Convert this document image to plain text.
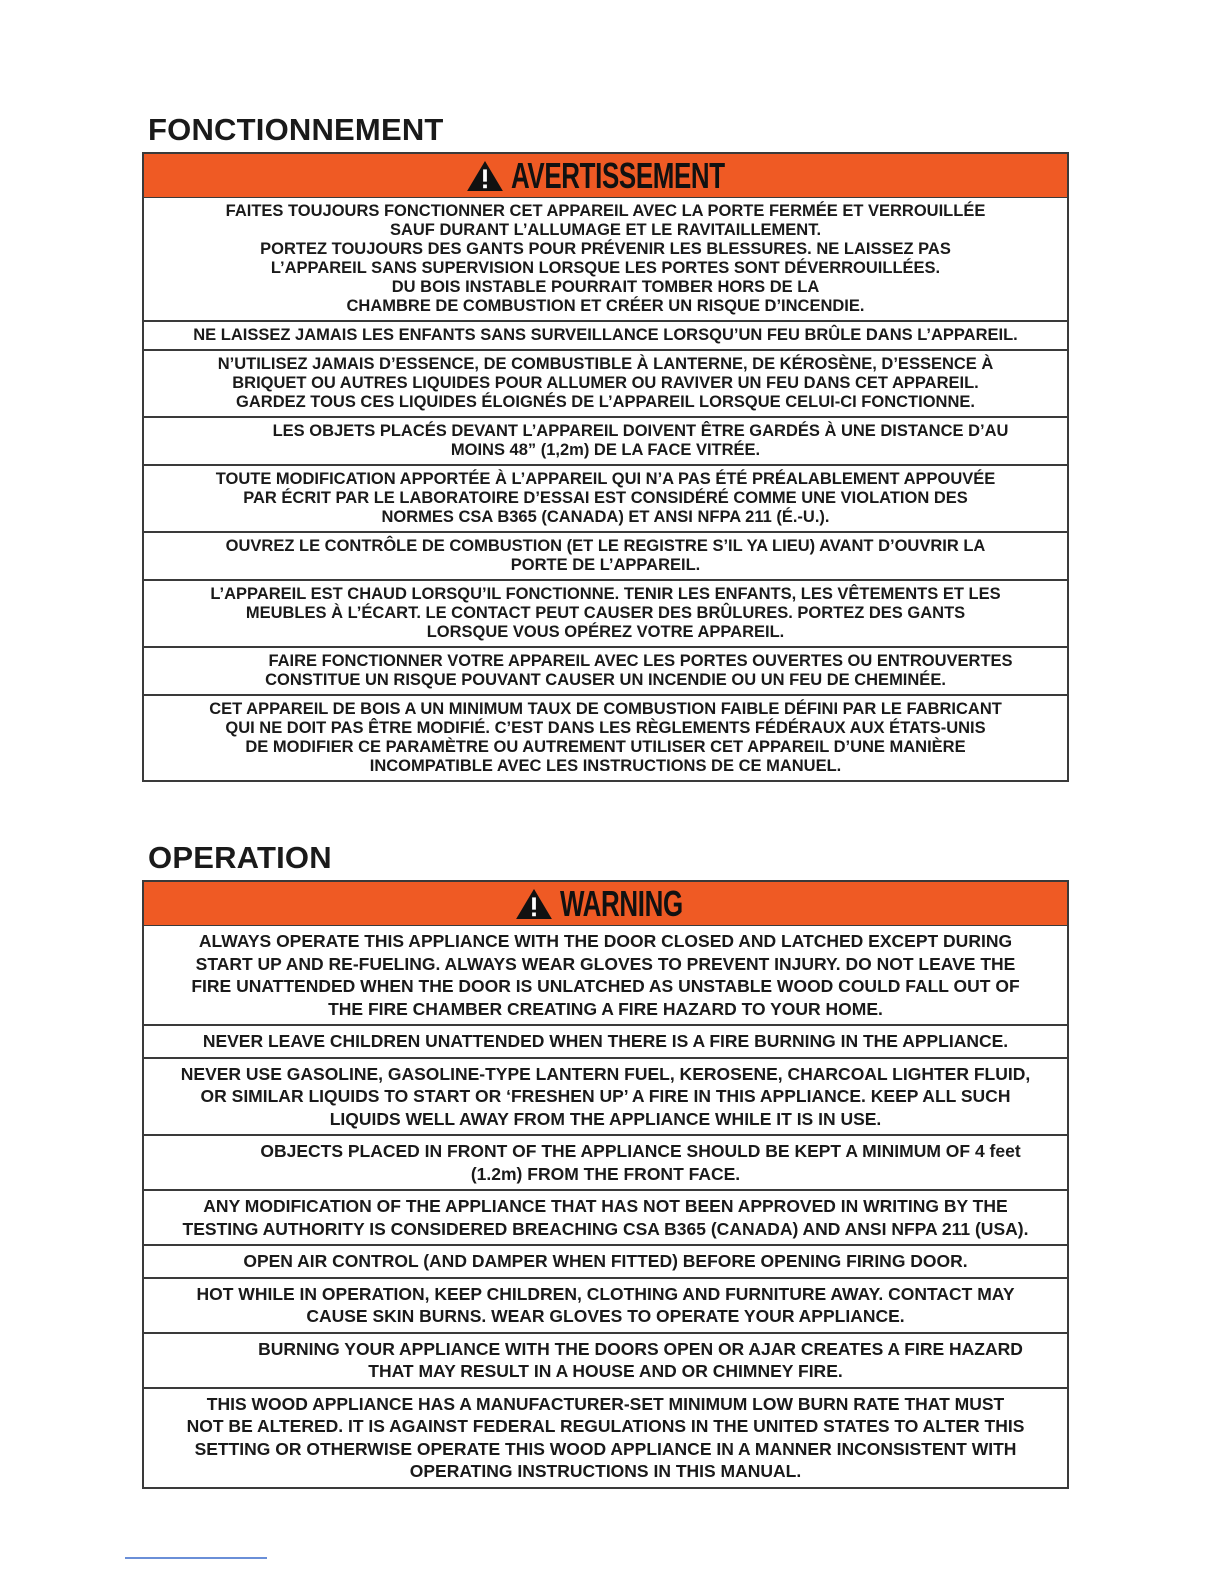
FONCTIONNEMENT
AVERTISSEMENT
FAITES TOUJOURS FONCTIONNER CET APPAREIL AVEC LA PORTE FERMÉE ET VERROUILLÉE
SAUF DURANT L’ALLUMAGE ET LE RAVITAILLEMENT.
PORTEZ TOUJOURS DES GANTS POUR PRÉVENIR LES BLESSURES. NE LAISSEZ PAS
L’APPAREIL SANS SUPERVISION LORSQUE LES PORTES SONT DÉVERROUILLÉES.
DU BOIS INSTABLE POURRAIT TOMBER HORS DE LA
CHAMBRE DE COMBUSTION ET CRÉER UN RISQUE D’INCENDIE.
NE LAISSEZ JAMAIS LES ENFANTS SANS SURVEILLANCE LORSQU’UN FEU BRÛLE DANS L’APPAREIL.
N’UTILISEZ JAMAIS D’ESSENCE, DE COMBUSTIBLE À LANTERNE, DE KÉROSÈNE, D’ESSENCE À
BRIQUET OU AUTRES LIQUIDES POUR ALLUMER OU RAVIVER UN FEU DANS CET APPAREIL.
GARDEZ TOUS CES LIQUIDES ÉLOIGNÉS DE L’APPAREIL LORSQUE CELUI-CI FONCTIONNE.
LES OBJETS PLACÉS DEVANT L’APPAREIL DOIVENT ÊTRE GARDÉS À UNE DISTANCE D’AU
MOINS 48” (1,2m) DE LA FACE VITRÉE.
TOUTE MODIFICATION APPORTÉE À L’APPAREIL QUI N’A PAS ÉTÉ PRÉALABLEMENT APPOUVÉE
PAR ÉCRIT PAR LE LABORATOIRE D’ESSAI EST CONSIDÉRÉ COMME UNE VIOLATION DES
NORMES CSA B365 (CANADA) ET ANSI NFPA 211 (É.-U.).
OUVREZ LE CONTRÔLE DE COMBUSTION (ET LE REGISTRE S’IL YA LIEU) AVANT D’OUVRIR LA
PORTE DE L’APPAREIL.
L’APPAREIL EST CHAUD LORSQU’IL FONCTIONNE. TENIR LES ENFANTS, LES VÊTEMENTS ET LES
MEUBLES À L’ÉCART. LE CONTACT PEUT CAUSER DES BRÛLURES. PORTEZ DES GANTS
LORSQUE VOUS OPÉREZ VOTRE APPAREIL.
FAIRE FONCTIONNER VOTRE APPAREIL AVEC LES PORTES OUVERTES OU ENTROUVERTES
CONSTITUE UN RISQUE POUVANT CAUSER UN INCENDIE OU UN FEU DE CHEMINÉE.
CET APPAREIL DE BOIS A UN MINIMUM TAUX DE COMBUSTION FAIBLE DÉFINI PAR LE FABRICANT
QUI NE DOIT PAS ÊTRE MODIFIÉ. C’EST DANS LES RÈGLEMENTS FÉDÉRAUX AUX ÉTATS-UNIS
DE MODIFIER CE PARAMÈTRE OU AUTREMENT UTILISER CET APPAREIL D’UNE MANIÈRE
INCOMPATIBLE AVEC LES INSTRUCTIONS DE CE MANUEL.
OPERATION
WARNING
ALWAYS OPERATE THIS APPLIANCE WITH THE DOOR CLOSED AND LATCHED EXCEPT DURING
START UP AND RE-FUELING. ALWAYS WEAR GLOVES TO PREVENT INJURY. DO NOT LEAVE THE
FIRE UNATTENDED WHEN THE DOOR IS UNLATCHED AS UNSTABLE WOOD COULD FALL OUT OF
THE FIRE CHAMBER CREATING A FIRE HAZARD TO YOUR HOME.
NEVER LEAVE CHILDREN UNATTENDED WHEN THERE IS A FIRE BURNING IN THE APPLIANCE.
NEVER USE GASOLINE, GASOLINE-TYPE LANTERN FUEL, KEROSENE, CHARCOAL LIGHTER FLUID,
OR SIMILAR LIQUIDS TO START OR ‘FRESHEN UP’ A FIRE IN THIS APPLIANCE. KEEP ALL SUCH
LIQUIDS WELL AWAY FROM THE APPLIANCE WHILE IT IS IN USE.
OBJECTS PLACED IN FRONT OF THE APPLIANCE SHOULD BE KEPT A MINIMUM OF 4 feet
(1.2m) FROM THE FRONT FACE.
ANY MODIFICATION OF THE APPLIANCE THAT HAS NOT BEEN APPROVED IN WRITING BY THE
TESTING AUTHORITY IS CONSIDERED BREACHING CSA B365 (CANADA) AND ANSI NFPA 211 (USA).
OPEN AIR CONTROL (AND DAMPER WHEN FITTED) BEFORE OPENING FIRING DOOR.
HOT WHILE IN OPERATION, KEEP CHILDREN, CLOTHING AND FURNITURE AWAY. CONTACT MAY
CAUSE SKIN BURNS. WEAR GLOVES TO OPERATE YOUR APPLIANCE.
BURNING YOUR APPLIANCE WITH THE DOORS OPEN OR AJAR CREATES A FIRE HAZARD
THAT MAY RESULT IN A HOUSE AND OR CHIMNEY FIRE.
THIS WOOD APPLIANCE HAS A MANUFACTURER-SET MINIMUM LOW BURN RATE THAT MUST
NOT BE ALTERED. IT IS AGAINST FEDERAL REGULATIONS IN THE UNITED STATES TO ALTER THIS
SETTING OR OTHERWISE OPERATE THIS WOOD APPLIANCE IN A MANNER INCONSISTENT WITH
OPERATING INSTRUCTIONS IN THIS MANUAL.
